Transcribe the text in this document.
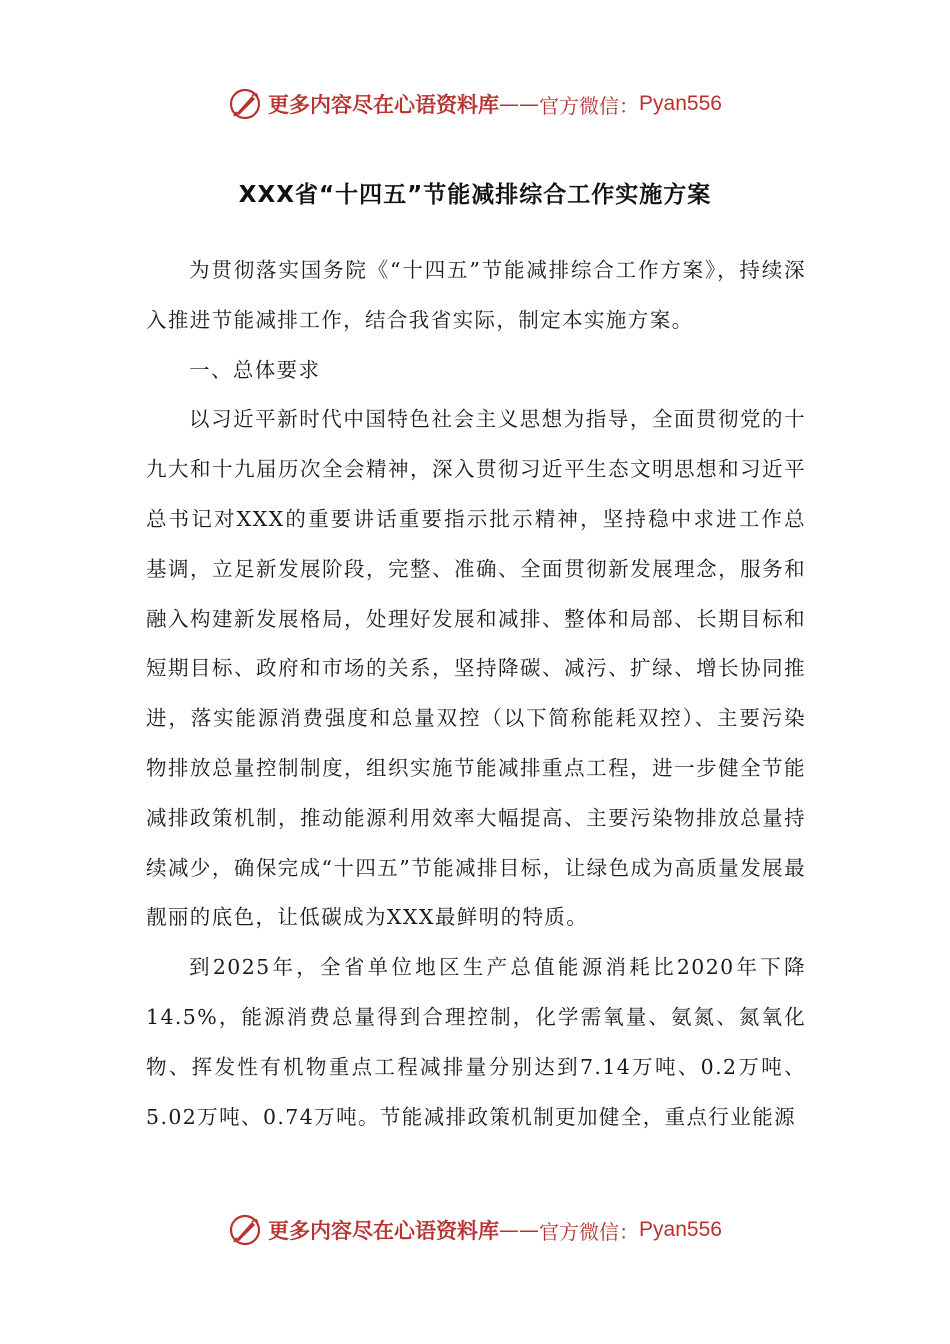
更多内容尽在心语资料库 —— 官方微信： Pyan556
XXX省“十四五”节能减排综合工作实施方案

为贯彻落实国务院《“十四五”节能减排综合工作方案》，持续深入推进节能减排工作，结合我省实际，制定本实施方案。

一、总体要求

以习近平新时代中国特色社会主义思想为指导，全面贯彻党的十九大和十九届历次全会精神，深入贯彻习近平生态文明思想和习近平总书记对XXX的重要讲话重要指示批示精神，坚持稳中求进工作总基调，立足新发展阶段，完整、准确、全面贯彻新发展理念，服务和融入构建新发展格局，处理好发展和减排、整体和局部、长期目标和短期目标、政府和市场的关系，坚持降碳、减污、扩绿、增长协同推进，落实能源消费强度和总量双控（以下简称能耗双控）、主要污染物排放总量控制制度，组织实施节能减排重点工程，进一步健全节能减排政策机制，推动能源利用效率大幅提高、主要污染物排放总量持续减少，确保完成“十四五”节能减排目标，让绿色成为高质量发展最靓丽的底色，让低碳成为XXX最鲜明的特质。

到2025年，全省单位地区生产总值能源消耗比2020年下降14.5%，能源消费总量得到合理控制，化学需氧量、氨氮、氮氧化物、挥发性有机物重点工程减排量分别达到7.14万吨、0.2万吨、5.02万吨、0.74万吨。节能减排政策机制更加健全，重点行业能源

更多内容尽在心语资料库 —— 官方微信： Pyan556
